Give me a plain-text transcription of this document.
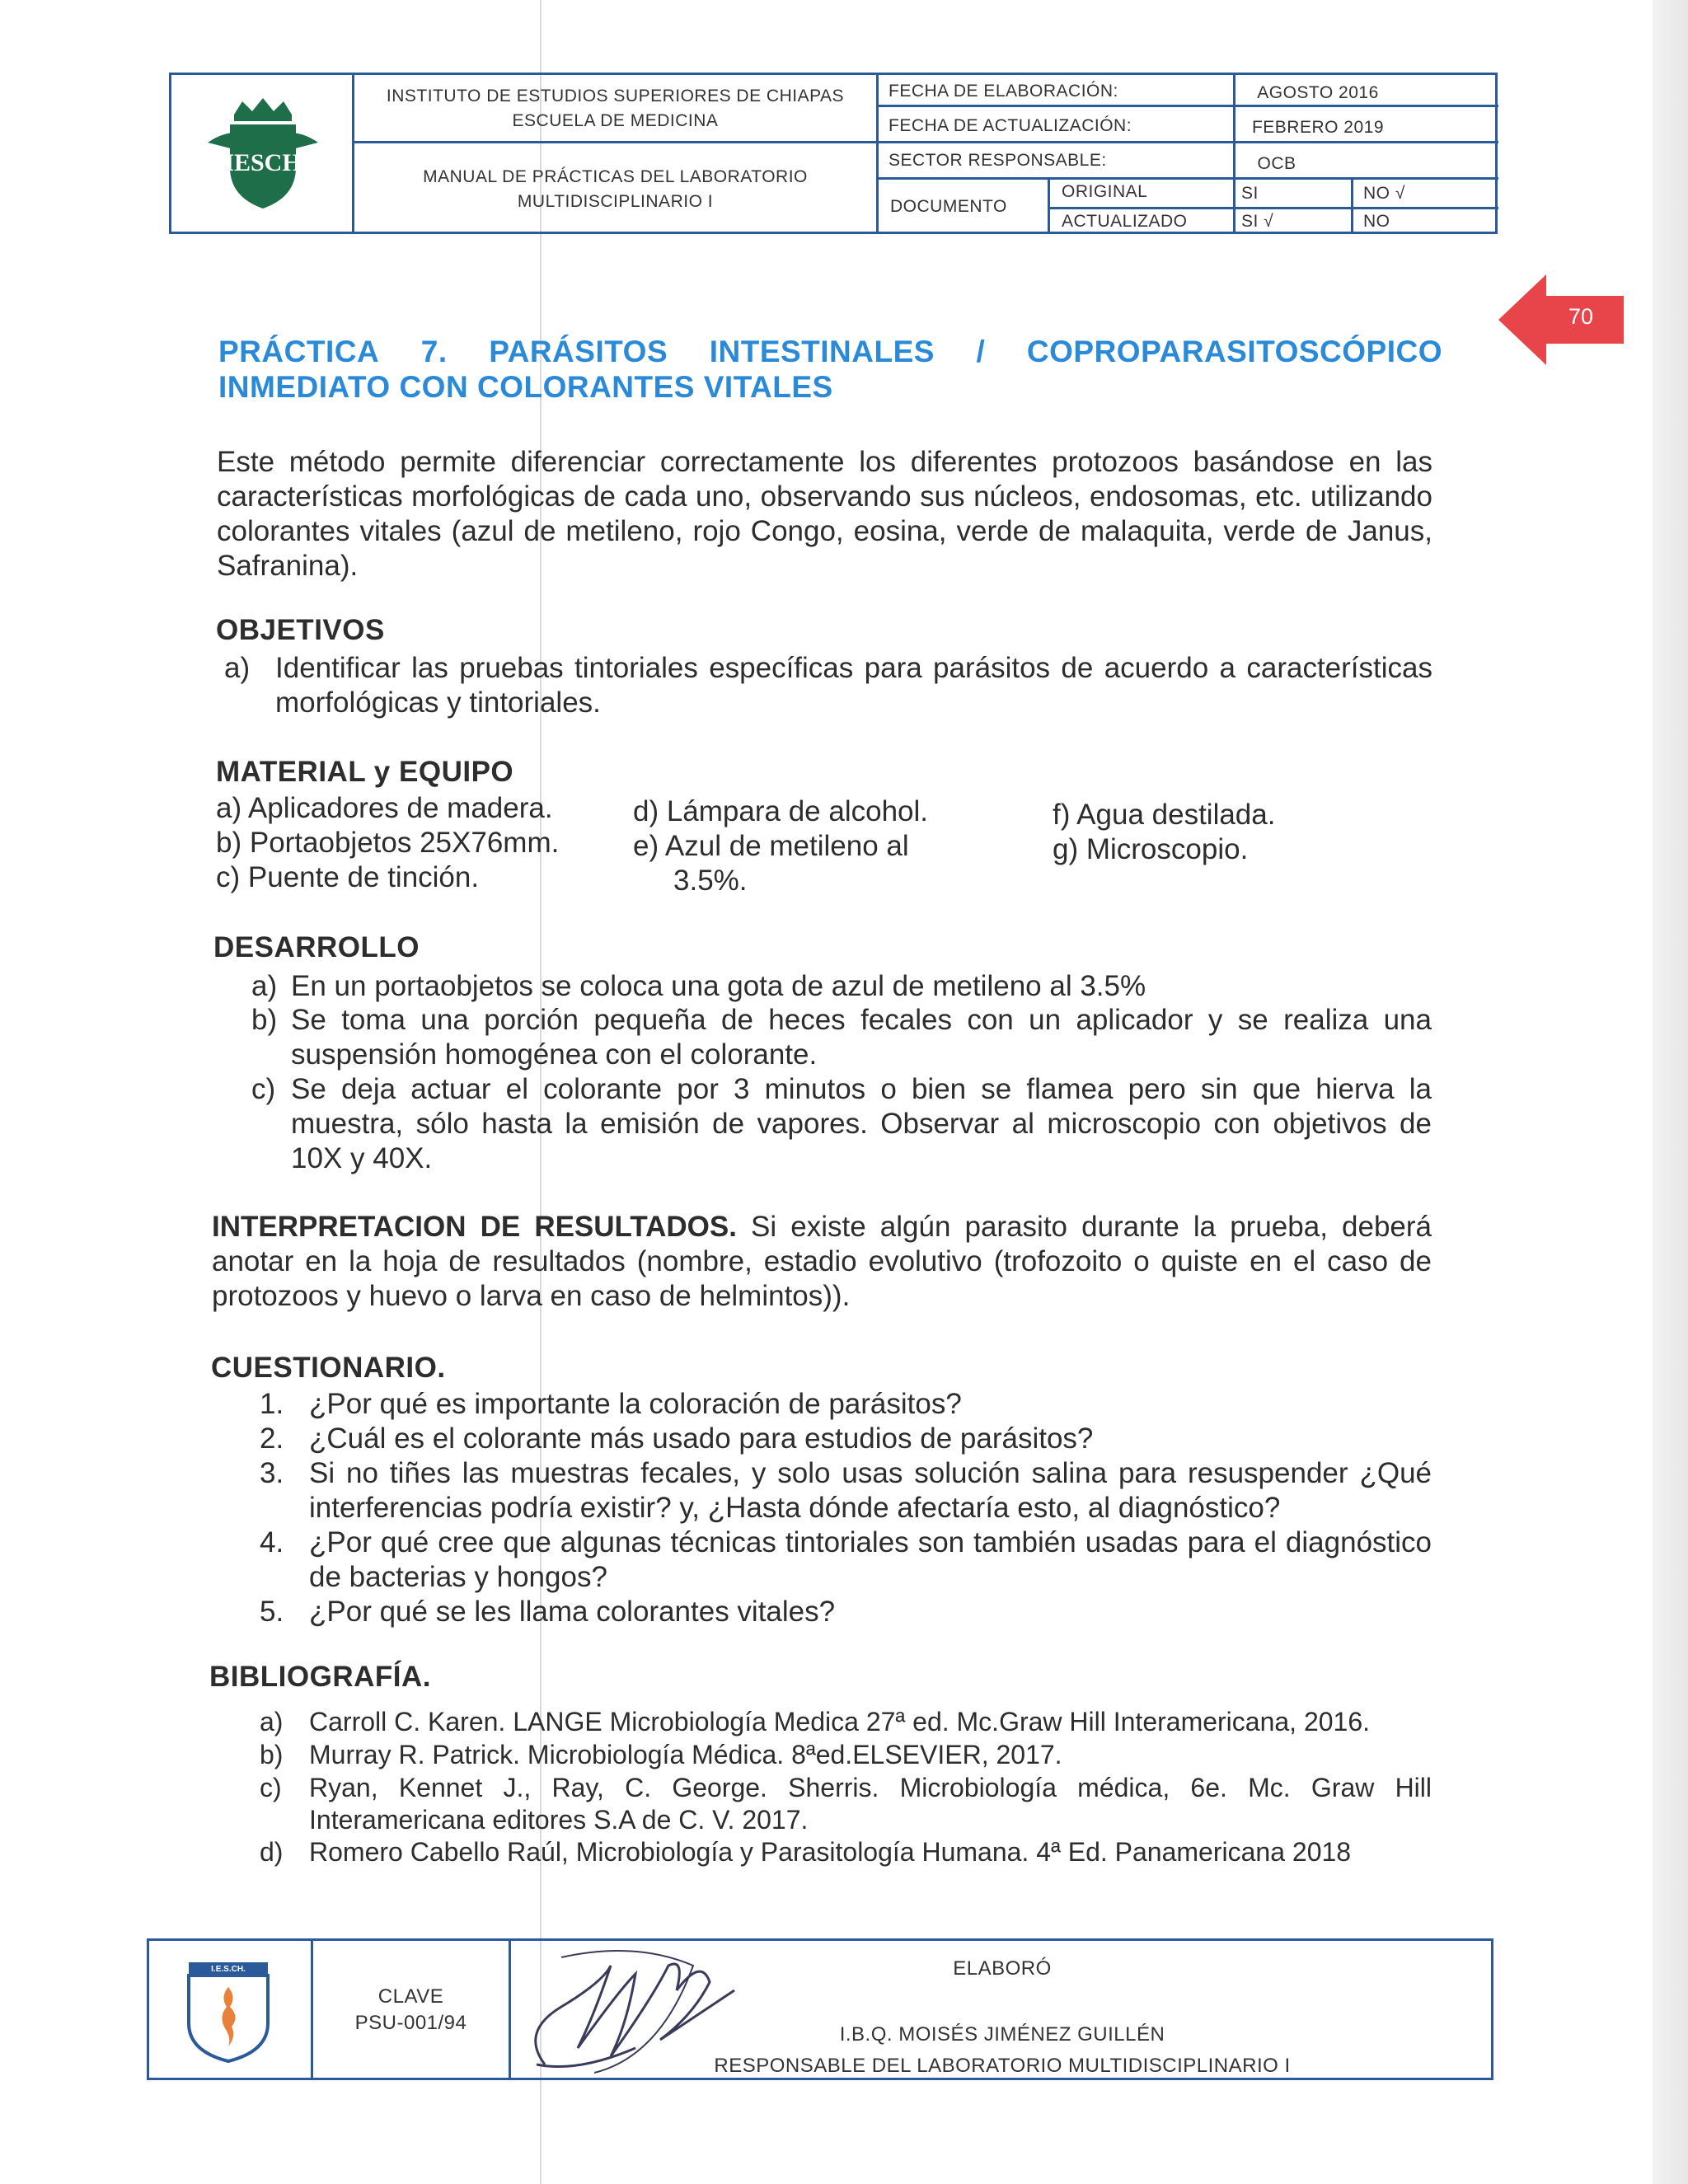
IESCH
INSTITUTO DE ESTUDIOS SUPERIORES DE CHIAPAS
ESCUELA DE MEDICINA
MANUAL DE PRÁCTICAS DEL LABORATORIO
MULTIDISCIPLINARIO I
FECHA DE ELABORACIÓN:	AGOSTO 2016
FECHA DE ACTUALIZACIÓN:	FEBRERO 2019
SECTOR RESPONSABLE:	OCB
DOCUMENTO
ORIGINAL	SI	NO √
ACTUALIZADO	SI √	NO
70
PRÁCTICA 7. PARÁSITOS INTESTINALES / COPROPARASITOSCÓPICO
INMEDIATO CON COLORANTES VITALES
Este método permite diferenciar correctamente los diferentes protozoos basándose en las características morfológicas de cada uno, observando sus núcleos, endosomas, etc. utilizando colorantes vitales (azul de metileno, rojo Congo, eosina, verde de malaquita, verde de Janus, Safranina).
OBJETIVOS
a) Identificar las pruebas tintoriales específicas para parásitos de acuerdo a características morfológicas y tintoriales.
MATERIAL y EQUIPO
a) Aplicadores de madera.
b) Portaobjetos 25X76mm.
c) Puente de tinción.
d) Lámpara de alcohol.
e) Azul de metileno al
3.5%.
f) Agua destilada.
g) Microscopio.
DESARROLLO
a) En un portaobjetos se coloca una gota de azul de metileno al 3.5%
b) Se toma una porción pequeña de heces fecales con un aplicador y se realiza una suspensión homogénea con el colorante.
c) Se deja actuar el colorante por 3 minutos o bien se flamea pero sin que hierva la muestra, sólo hasta la emisión de vapores. Observar al microscopio con objetivos de 10X y 40X.
INTERPRETACION DE RESULTADOS. Si existe algún parasito durante la prueba, deberá anotar en la hoja de resultados (nombre, estadio evolutivo (trofozoito o quiste en el caso de protozoos y huevo o larva en caso de helmintos)).
CUESTIONARIO.
1. ¿Por qué es importante la coloración de parásitos?
2. ¿Cuál es el colorante más usado para estudios de parásitos?
3. Si no tiñes las muestras fecales, y solo usas solución salina para resuspender ¿Qué interferencias podría existir? y, ¿Hasta dónde afectaría esto, al diagnóstico?
4. ¿Por qué cree que algunas técnicas tintoriales son también usadas para el diagnóstico de bacterias y hongos?
5. ¿Por qué se les llama colorantes vitales?
BIBLIOGRAFÍA.
a) Carroll C. Karen. LANGE Microbiología Medica 27ª ed. Mc.Graw Hill Interamericana, 2016.
b) Murray R. Patrick. Microbiología Médica. 8ªed.ELSEVIER, 2017.
c) Ryan, Kennet J., Ray, C. George. Sherris. Microbiología médica, 6e. Mc. Graw Hill Interamericana editores S.A de C. V. 2017.
d) Romero Cabello Raúl, Microbiología y Parasitología Humana. 4ª Ed. Panamericana 2018
I.E.S.CH.
CLAVE
PSU-001/94
ELABORÓ
I.B.Q. MOISÉS JIMÉNEZ GUILLÉN
RESPONSABLE DEL LABORATORIO MULTIDISCIPLINARIO I
